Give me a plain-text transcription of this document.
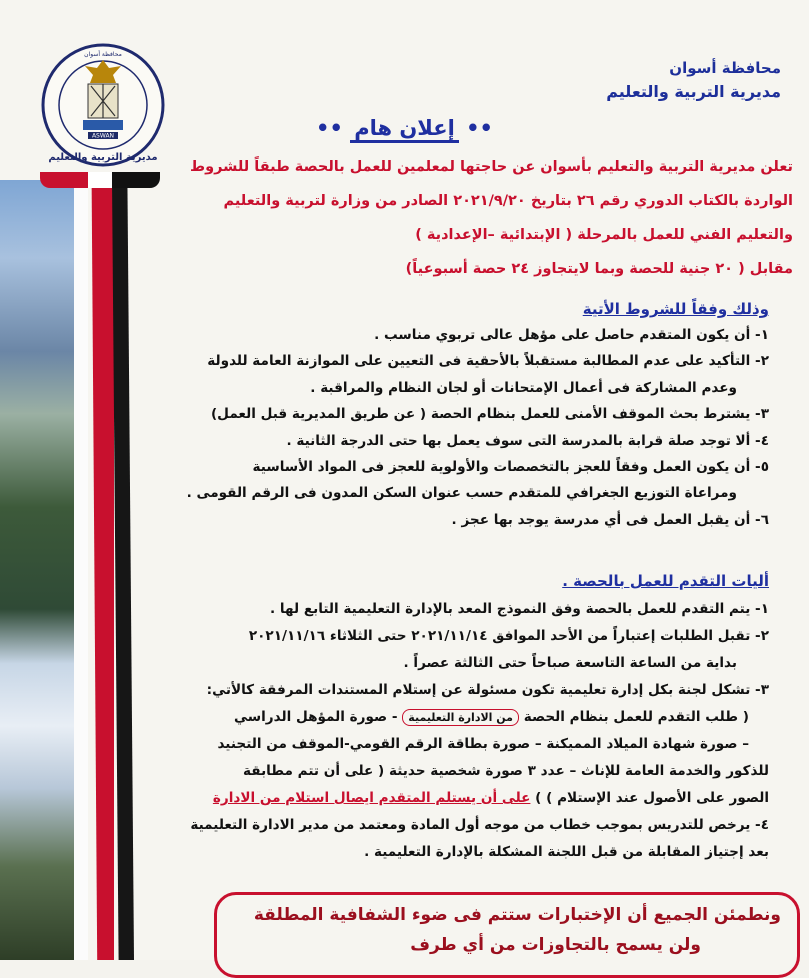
ASWAN
محافظة أسوان
مديرية التربية والتعليم
محافظة أسوان
مديرية التربية والتعليم
•• إعلان هام ••
تعلن مديرية التربية والتعليم بأسوان عن حاجتها لمعلمين للعمل بالحصة طبقاً للشروط
الواردة بالكتاب الدوري رقم ٢٦ بتاريخ ٢٠٢١/٩/٢٠ الصادر من وزارة لتربية والتعليم
والتعليم الفني للعمل بالمرحلة ( الإبتدائية –الإعدادية )
مقابل ( ٢٠ جنية للحصة وبما لايتجاوز ٢٤ حصة أسبوعياً)
وذلك وفقاً للشروط الأتية
١- أن يكون المتقدم حاصل على مؤهل عالى تربوي مناسب .
٢- التأكيد على عدم المطالبة مستقبلاً بالأحقية فى التعيين على الموازنة العامة للدولة
وعدم المشاركة فى أعمال الإمتحانات أو لجان النظام والمراقبة .
٣- يشترط بحث الموقف الأمنى للعمل بنظام الحصة ( عن طريق المديرية قبل العمل)
٤- ألا توجد صلة قرابة بالمدرسة التى سوف يعمل بها حتى الدرجة الثانية .
٥- أن يكون العمل وفقاً للعجز بالتخصصات والأولوية للعجز فى المواد الأساسية
ومراعاة التوزيع الجغرافي للمتقدم حسب عنوان السكن المدون فى الرقم القومى .
٦- أن يقبل العمل فى أي مدرسة يوجد بها عجز .
أليات التقدم للعمل بالحصة .
١- يتم التقدم للعمل بالحصة وفق النموذج المعد بالإدارة التعليمية التابع لها .
٢- تقبل الطلبات إعتباراً من الأحد الموافق ٢٠٢١/١١/١٤ حتى الثلاثاء ٢٠٢١/١١/١٦
بداية من الساعة التاسعة صباحاً حتى الثالثة عصراً .
٣- تشكل لجنة بكل إدارة تعليمية تكون مسئولة عن إستلام المستندات المرفقة كالأتي:
( طلب التقدم للعمل بنظام الحصة من الادارة التعليمية - صورة المؤهل الدراسي
– صورة شهادة الميلاد المميكنة – صورة بطاقة الرقم القومي-الموقف من التجنيد
للذكور والخدمة العامة للإناث – عدد ٣ صورة شخصية حديثة ( على أن تتم مطابقة
الصور على الأصول عند الإستلام ) ) على أن يستلم المتقدم ايصال استلام من الادارة
٤- يرخص للتدريس بموجب خطاب من موجه أول المادة ومعتمد من مدير الادارة التعليمية
بعد إجتياز المقابلة من قبل اللجنة المشكلة بالإدارة التعليمية .
ونطمئن الجميع أن الإختبارات ستتم فى ضوء الشفافية المطلقة
ولن يسمح بالتجاوزات من أي طرف
